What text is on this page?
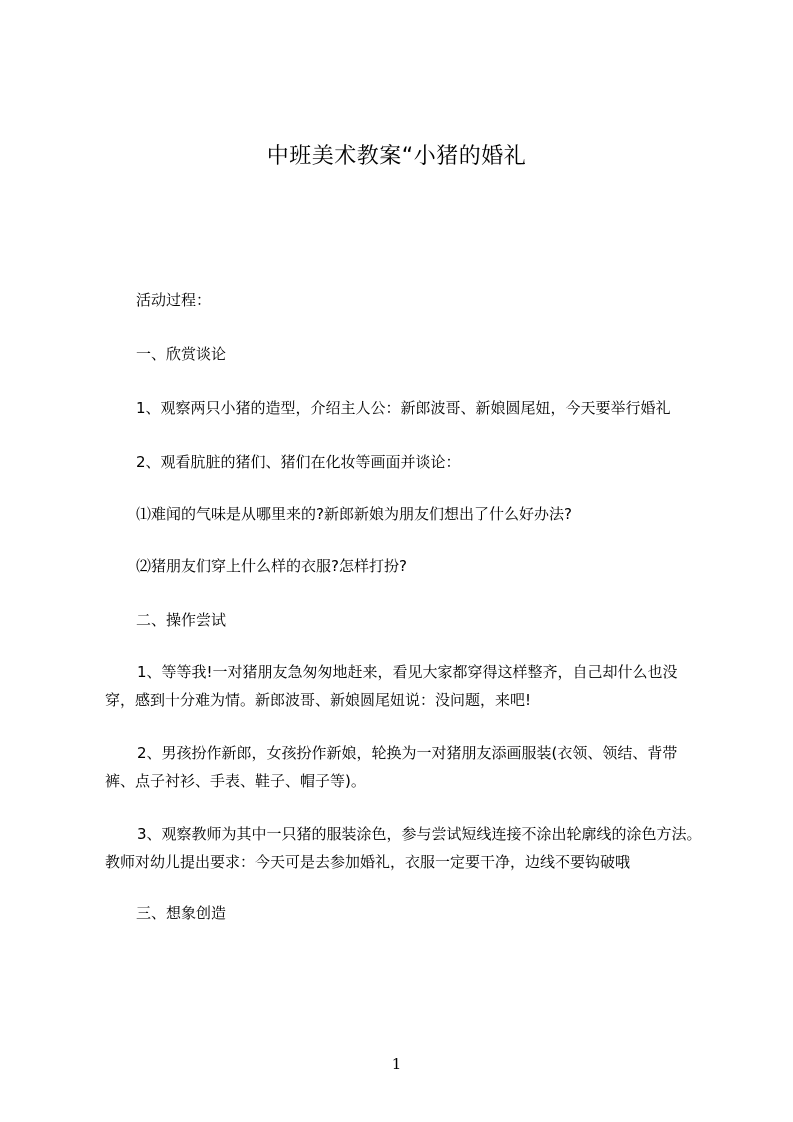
中班美术教案“小猪的婚礼
活动过程：
一、欣赏谈论
1、观察两只小猪的造型，介绍主人公：新郎波哥、新娘圆尾妞，今天要举行婚礼
2、观看肮脏的猪们、猪们在化妆等画面并谈论：
⑴难闻的气味是从哪里来的?新郎新娘为朋友们想出了什么好办法?
⑵猪朋友们穿上什么样的衣服?怎样打扮?
二、操作尝试
1、等等我!一对猪朋友急匆匆地赶来，看见大家都穿得这样整齐，自己却什么也没穿，感到十分难为情。新郎波哥、新娘圆尾妞说：没问题，来吧!
2、男孩扮作新郎，女孩扮作新娘，轮换为一对猪朋友添画服装(衣领、领结、背带裤、点子衬衫、手表、鞋子、帽子等)。
3、观察教师为其中一只猪的服装涂色，参与尝试短线连接不涂出轮廓线的涂色方法。教师对幼儿提出要求：今天可是去参加婚礼，衣服一定要干净，边线不要钩破哦
三、想象创造
1
